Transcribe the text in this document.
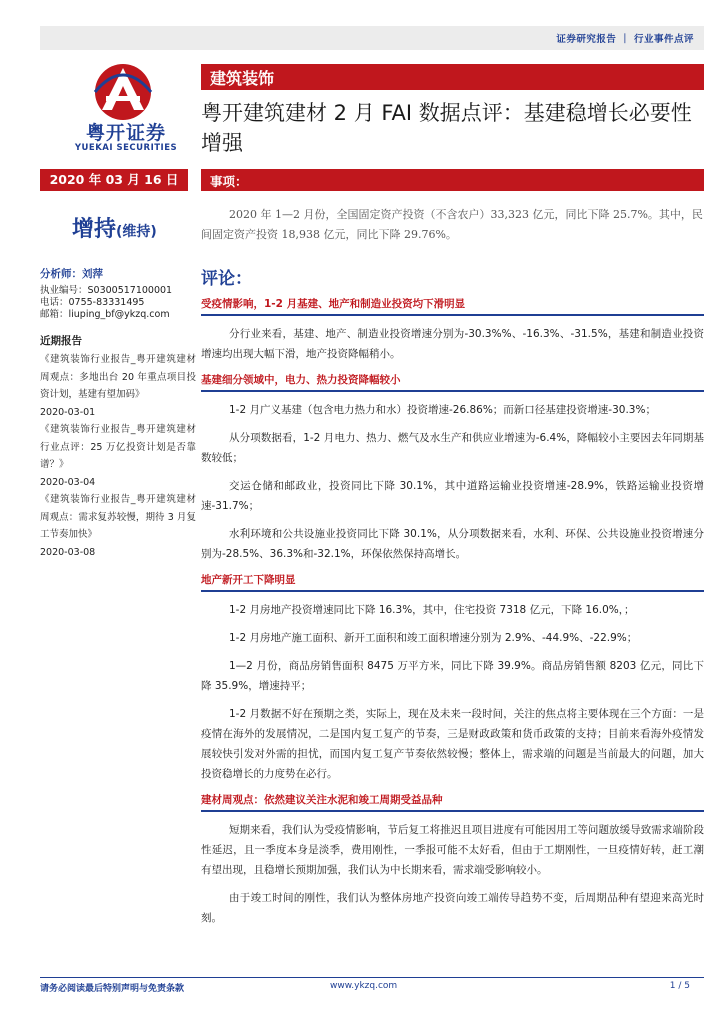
证券研究报告 ｜ 行业事件点评
粤开证券
YUEKAI SECURITIES
建筑装饰
粤开建筑建材 2 月 FAI 数据点评：基建稳增长必要性增强
2020 年 03 月 16 日	事项：
增持(维持)
2020 年 1—2 月份，全国固定资产投资（不含农户）33,323 亿元，同比下降 25.7%。其中，民间固定资产投资 18,938 亿元，同比下降 29.76%。
分析师：刘萍
执业编号：S0300517100001
电话：0755-83331495
邮箱：liuping_bf@ykzq.com
近期报告
《建筑装饰行业报告_粤开建筑建材周观点：多地出台 20 年重点项目投资计划，基建有望加码》
2020-03-01
《建筑装饰行业报告_粤开建筑建材行业点评：25 万亿投资计划是否靠谱？》
2020-03-04
《建筑装饰行业报告_粤开建筑建材周观点：需求复苏较慢，期待 3 月复工节奏加快》
2020-03-08
评论：
受疫情影响，1-2 月基建、地产和制造业投资均下滑明显

分行业来看，基建、地产、制造业投资增速分别为-30.3%%、-16.3%、-31.5%，基建和制造业投资增速均出现大幅下滑，地产投资降幅稍小。

基建细分领域中，电力、热力投资降幅较小

1-2 月广义基建（包含电力热力和水）投资增速-26.86%；而新口径基建投资增速-30.3%；

从分项数据看，1-2 月电力、热力、燃气及水生产和供应业增速为-6.4%，降幅较小主要因去年同期基数较低；

交运仓储和邮政业，投资同比下降 30.1%，其中道路运输业投资增速-28.9%，铁路运输业投资增速-31.7%；

水利环境和公共设施业投资同比下降 30.1%，从分项数据来看，水利、环保、公共设施业投资增速分别为-28.5%、36.3%和-32.1%，环保依然保持高增长。

地产新开工下降明显

1-2 月房地产投资增速同比下降 16.3%，其中，住宅投资 7318 亿元，下降 16.0%，；

1-2 月房地产施工面积、新开工面积和竣工面积增速分别为 2.9%、-44.9%、-22.9%；

1—2 月份，商品房销售面积 8475 万平方米，同比下降 39.9%。商品房销售额 8203 亿元，同比下降 35.9%，增速持平；

1-2 月数据不好在预期之类，实际上，现在及未来一段时间，关注的焦点将主要体现在三个方面：一是疫情在海外的发展情况，二是国内复工复产的节奏，三是财政政策和货币政策的支持；目前来看海外疫情发展较快引发对外需的担忧，而国内复工复产节奏依然较慢；整体上，需求端的问题是当前最大的问题，加大投资稳增长的力度势在必行。

建材周观点：依然建议关注水泥和竣工周期受益品种

短期来看，我们认为受疫情影响，节后复工将推迟且项目进度有可能因用工等问题放缓导致需求端阶段性延迟，且一季度本身是淡季，费用刚性，一季报可能不太好看，但由于工期刚性，一旦疫情好转，赶工潮有望出现，且稳增长预期加强，我们认为中长期来看，需求端受影响较小。

由于竣工时间的刚性，我们认为整体房地产投资向竣工端传导趋势不变，后周期品种有望迎来高光时刻。

请务必阅读最后特别声明与免责条款	www.ykzq.com	1 / 5
